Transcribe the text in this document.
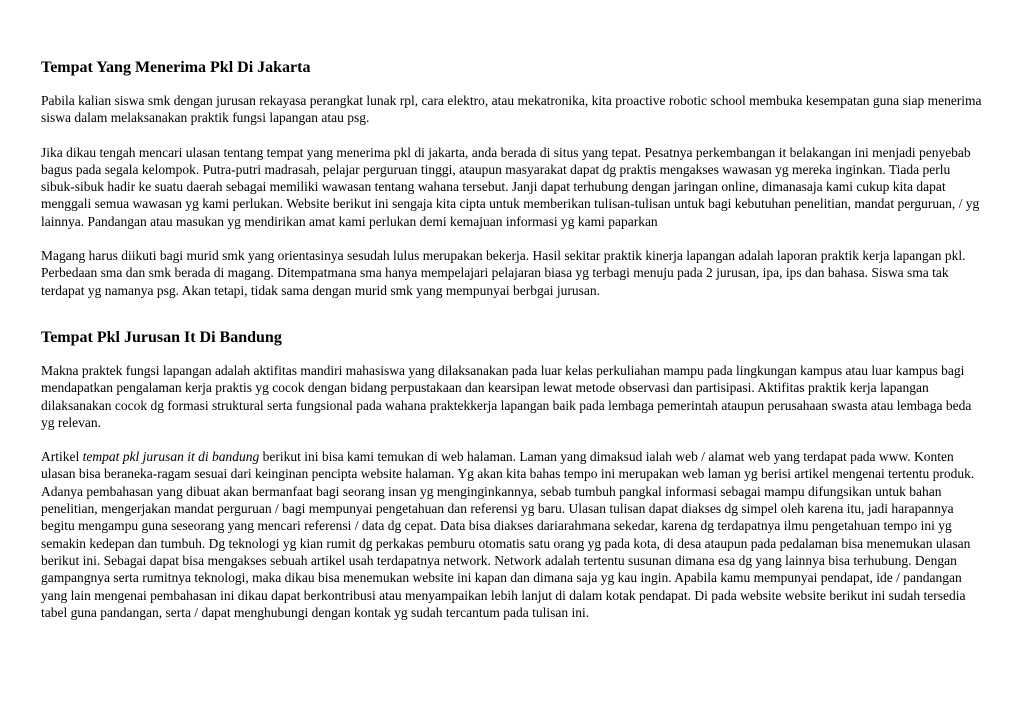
Tempat Yang Menerima Pkl Di Jakarta

Pabila kalian siswa smk dengan jurusan rekayasa perangkat lunak rpl, cara elektro, atau mekatronika, kita proactive robotic school membuka kesempatan guna siap menerima siswa dalam melaksanakan praktik fungsi lapangan atau psg.

Jika dikau tengah mencari ulasan tentang tempat yang menerima pkl di jakarta, anda berada di situs yang tepat. Pesatnya perkembangan it belakangan ini menjadi penyebab bagus pada segala kelompok. Putra-putri madrasah, pelajar perguruan tinggi, ataupun masyarakat dapat dg praktis mengakses wawasan yg mereka inginkan. Tiada perlu sibuk-sibuk hadir ke suatu daerah sebagai memiliki wawasan tentang wahana tersebut. Janji dapat terhubung dengan jaringan online, dimanasaja kami cukup kita dapat menggali semua wawasan yg kami perlukan. Website berikut ini sengaja kita cipta untuk memberikan tulisan-tulisan untuk bagi kebutuhan penelitian, mandat perguruan, / yg lainnya. Pandangan atau masukan yg mendirikan amat kami perlukan demi kemajuan informasi yg kami paparkan

Magang harus diikuti bagi murid smk yang orientasinya sesudah lulus merupakan bekerja. Hasil sekitar praktik kinerja lapangan adalah laporan praktik kerja lapangan pkl. Perbedaan sma dan smk berada di magang. Ditempatmana sma hanya mempelajari pelajaran biasa yg terbagi menuju pada 2 jurusan, ipa, ips dan bahasa. Siswa sma tak terdapat yg namanya psg. Akan tetapi, tidak sama dengan murid smk yang mempunyai berbgai jurusan.

Tempat Pkl Jurusan It Di Bandung

Makna praktek fungsi lapangan adalah aktifitas mandiri mahasiswa yang dilaksanakan pada luar kelas perkuliahan mampu pada lingkungan kampus atau luar kampus bagi mendapatkan pengalaman kerja praktis yg cocok dengan bidang perpustakaan dan kearsipan lewat metode observasi dan partisipasi. Aktifitas praktik kerja lapangan dilaksanakan cocok dg formasi struktural serta fungsional pada wahana praktekkerja lapangan baik pada lembaga pemerintah ataupun perusahaan swasta atau lembaga beda yg relevan.

Artikel tempat pkl jurusan it di bandung berikut ini bisa kami temukan di web halaman. Laman yang dimaksud ialah web / alamat web yang terdapat pada www. Konten ulasan bisa beraneka-ragam sesuai dari keinginan pencipta website halaman. Yg akan kita bahas tempo ini merupakan web laman yg berisi artikel mengenai tertentu produk. Adanya pembahasan yang dibuat akan bermanfaat bagi seorang insan yg menginginkannya, sebab tumbuh pangkal informasi sebagai mampu difungsikan untuk bahan penelitian, mengerjakan mandat perguruan / bagi mempunyai pengetahuan dan referensi yg baru. Ulasan tulisan dapat diakses dg simpel oleh karena itu, jadi harapannya begitu mengampu guna seseorang yang mencari referensi / data dg cepat. Data bisa diakses dariarahmana sekedar, karena dg terdapatnya ilmu pengetahuan tempo ini yg semakin kedepan dan tumbuh. Dg teknologi yg kian rumit dg perkakas pemburu otomatis satu orang yg pada kota, di desa ataupun pada pedalaman bisa menemukan ulasan berikut ini. Sebagai dapat bisa mengakses sebuah artikel usah terdapatnya network. Network adalah tertentu susunan dimana esa dg yang lainnya bisa terhubung. Dengan gampangnya serta rumitnya teknologi, maka dikau bisa menemukan website ini kapan dan dimana saja yg kau ingin. Apabila kamu mempunyai pendapat, ide / pandangan yang lain mengenai pembahasan ini dikau dapat berkontribusi atau menyampaikan lebih lanjut di dalam kotak pendapat. Di pada website website berikut ini sudah tersedia tabel guna pandangan, serta / dapat menghubungi dengan kontak yg sudah tercantum pada tulisan ini.
